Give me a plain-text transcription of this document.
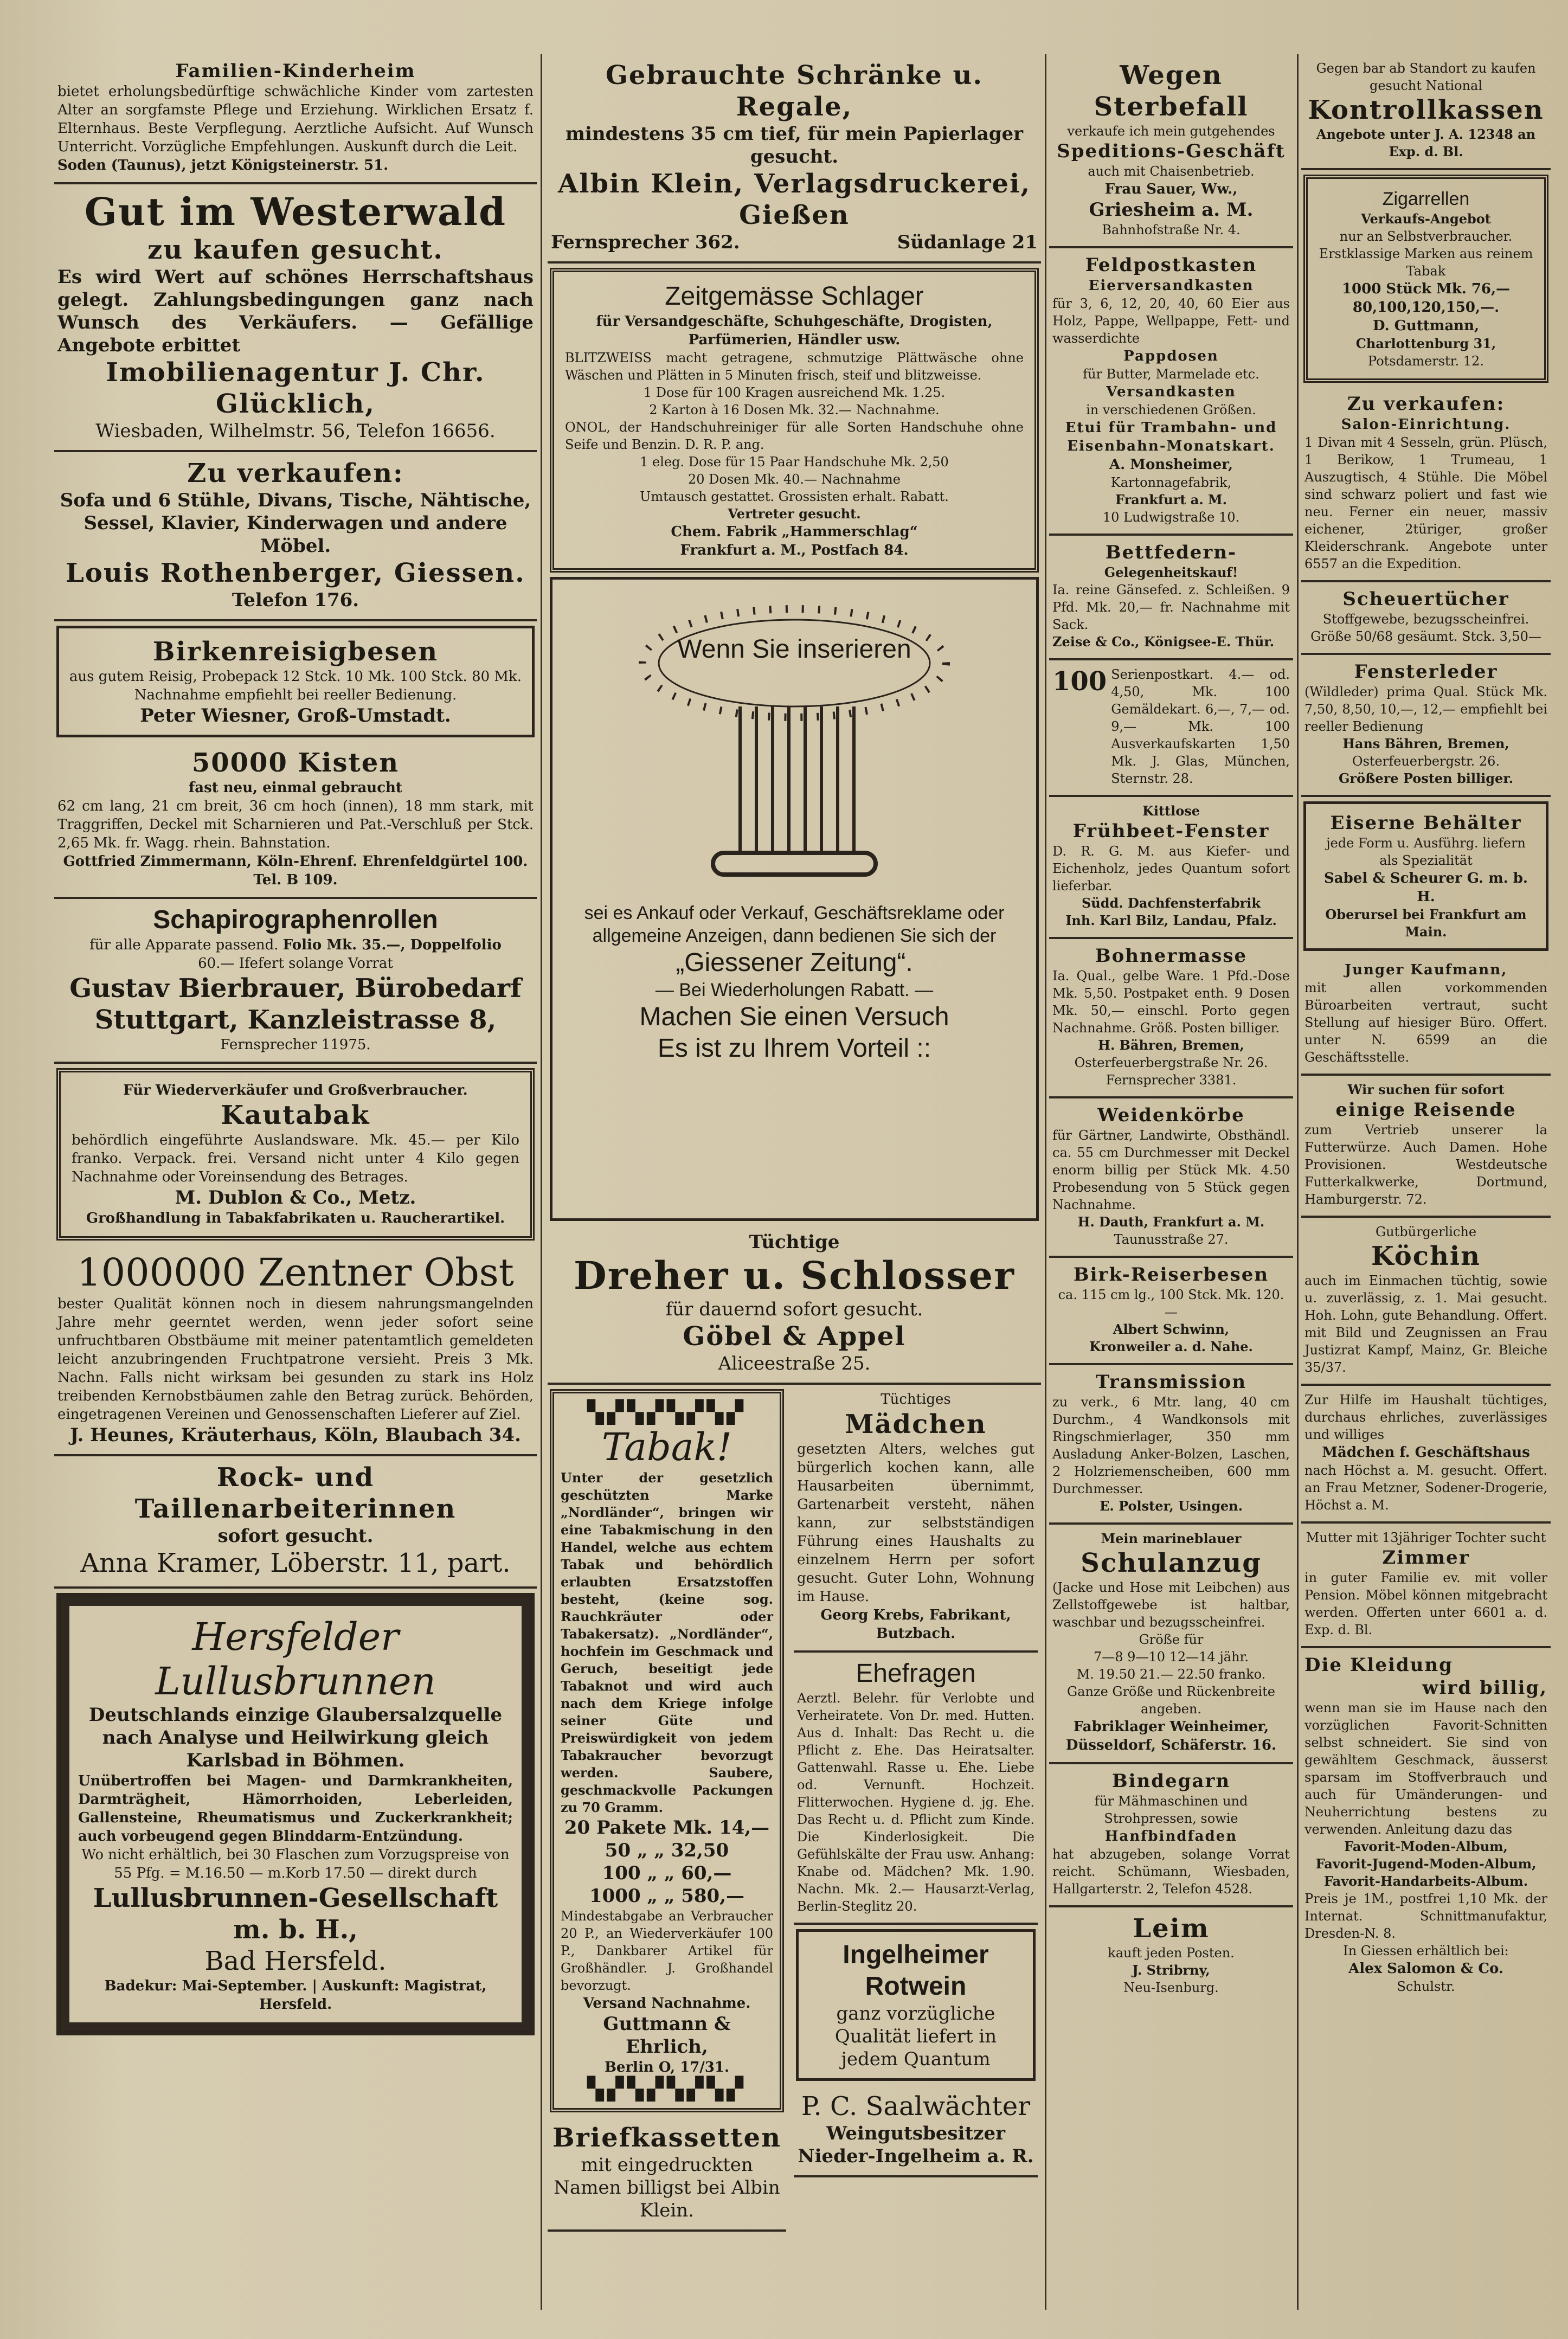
Familien-Kinderheim
bietet erholungsbedürftige schwächliche Kinder vom zartesten Alter an sorgfamste Pflege und Erziehung. Wirklichen Ersatz f. Elternhaus. Beste Verpflegung. Aerztliche Aufsicht. Auf Wunsch Unterricht. Vorzügliche Empfehlungen. Auskunft durch die Leit.
Soden (Taunus), jetzt Königsteinerstr. 51.
Gut im Westerwald
zu kaufen gesucht.
Es wird Wert auf schönes Herrschaftshaus gelegt. Zahlungsbedingungen ganz nach Wunsch des Verkäufers. — Gefällige Angebote erbittet
Imobilienagentur J. Chr. Glücklich,
Wiesbaden, Wilhelmstr. 56, Telefon 16656.
Zu verkaufen:
Sofa und 6 Stühle, Divans, Tische, Nähtische, Sessel, Klavier, Kinderwagen und andere Möbel.
Louis Rothenberger, Giessen.
Telefon 176.
Birkenreisigbesen
aus gutem Reisig, Probepack 12 Stck. 10 Mk. 100 Stck. 80 Mk. Nachnahme empfiehlt bei reeller Bedienung.
Peter Wiesner, Groß-Umstadt.
50000 Kisten
fast neu, einmal gebraucht
62 cm lang, 21 cm breit, 36 cm hoch (innen), 18 mm stark, mit Traggriffen, Deckel mit Scharnieren und Pat.-Verschluß per Stck. 2,65 Mk. fr. Wagg. rhein. Bahnstation.
Gottfried Zimmermann, Köln-Ehrenf. Ehrenfeldgürtel 100. Tel. B 109.
Schapirographenrollen
für alle Apparate passend. Folio Mk. 35.—, Doppelfolio
60.— Ifefert solange Vorrat
Gustav Bierbrauer, Bürobedarf
Stuttgart, Kanzleistrasse 8,
Fernsprecher 11975.
Für Wiederverkäufer und Großverbraucher.
Kautabak
behördlich eingeführte Auslandsware. Mk. 45.— per Kilo franko. Verpack. frei. Versand nicht unter 4 Kilo gegen Nachnahme oder Voreinsendung des Betrages.
M. Dublon & Co., Metz.
Großhandlung in Tabakfabrikaten u. Raucherartikel.
1000000 Zentner Obst
bester Qualität können noch in diesem nahrungsmangelnden Jahre mehr geerntet werden, wenn jeder sofort seine unfruchtbaren Obstbäume mit meiner patentamtlich gemeldeten leicht anzubringenden Fruchtpatrone versieht. Preis 3 Mk. Nachn. Falls nicht wirksam bei gesunden zu stark ins Holz treibenden Kernobstbäumen zahle den Betrag zurück. Behörden, eingetragenen Vereinen und Genossenschaften Lieferer auf Ziel.
J. Heunes, Kräuterhaus, Köln, Blaubach 34.
Rock- und Taillenarbeiterinnen
sofort gesucht.
Anna Kramer, Löberstr. 11, part.
Hersfelder Lullusbrunnen
Deutschlands einzige Glaubersalzquelle nach Analyse und Heilwirkung gleich Karlsbad in Böhmen.
Unübertroffen bei Magen- und Darmkrankheiten, Darmträgheit, Hämorrhoiden, Leberleiden, Gallensteine, Rheumatismus und Zuckerkrankheit; auch vorbeugend gegen Blinddarm-Entzündung.
Wo nicht erhältlich, bei 30 Flaschen zum Vorzugspreise von 55 Pfg. = M.16.50 — m.Korb 17.50 — direkt durch
Lullusbrunnen-Gesellschaft m. b. H.,
Bad Hersfeld.
Badekur: Mai-September. | Auskunft: Magistrat, Hersfeld.
Gebrauchte Schränke u. Regale,
mindestens 35 cm tief, für mein Papierlager gesucht.
Albin Klein, Verlagsdruckerei, Gießen
Fernsprecher 362.	Südanlage 21
Zeitgemässe Schlager
für Versandgeschäfte, Schuhgeschäfte, Drogisten, Parfümerien, Händler usw.
BLITZWEISS macht getragene, schmutzige Plättwäsche ohne Wäschen und Plätten in 5 Minuten frisch, steif und blitzweisse.
1 Dose für 100 Kragen ausreichend Mk. 1.25.
2 Karton à 16 Dosen Mk. 32.— Nachnahme.
ONOL, der Handschuhreiniger für alle Sorten Handschuhe ohne Seife und Benzin. D. R. P. ang.
1 eleg. Dose für 15 Paar Handschuhe Mk. 2,50
20 Dosen Mk. 40.— Nachnahme
Umtausch gestattet. Grossisten erhalt. Rabatt.
Vertreter gesucht.
Chem. Fabrik „Hammerschlag“
Frankfurt a. M., Postfach 84.
Wenn Sie inserieren
sei es Ankauf oder Verkauf, Geschäftsreklame oder allgemeine Anzeigen, dann bedienen Sie sich der
„Giessener Zeitung“.
— Bei Wiederholungen Rabatt. —
Machen Sie einen Versuch
Es ist zu Ihrem Vorteil ::
Tüchtige
Dreher u. Schlosser
für dauernd sofort gesucht.
Göbel & Appel
Aliceestraße 25.
▚▞▚▞▚▞▚▞
Tabak!
Unter der gesetzlich geschützten Marke „Nordländer“, bringen wir eine Tabakmischung in den Handel, welche aus echtem Tabak und behördlich erlaubten Ersatzstoffen besteht, (keine sog. Rauchkräuter oder Tabakersatz). „Nordländer“, hochfein im Geschmack und Geruch, beseitigt jede Tabaknot und wird auch nach dem Kriege infolge seiner Güte und Preiswürdigkeit von jedem Tabakraucher bevorzugt werden. Saubere, geschmackvolle Packungen zu 70 Gramm.
20 Pakete Mk. 14,—
50 „ „ 32,50
100 „ „ 60,—
1000 „ „ 580,—
Mindestabgabe an Verbraucher 20 P., an Wiederverkäufer 100 P., Dankbarer Artikel für Großhändler. J. Großhandel bevorzugt.
Versand Nachnahme.
Guttmann & Ehrlich,
Berlin O, 17/31.
▚▞▚▞▚▞▚▞
Briefkassetten
mit eingedruckten Namen billigst bei Albin Klein.
Tüchtiges
Mädchen
gesetzten Alters, welches gut bürgerlich kochen kann, alle Hausarbeiten übernimmt, Gartenarbeit versteht, nähen kann, zur selbstständigen Führung eines Haushalts zu einzelnem Herrn per sofort gesucht. Guter Lohn, Wohnung im Hause.
Georg Krebs, Fabrikant, Butzbach.
Ehefragen
Aerztl. Belehr. für Verlobte und Verheiratete. Von Dr. med. Hutten. Aus d. Inhalt: Das Recht u. die Pflicht z. Ehe. Das Heiratsalter. Gattenwahl. Rasse u. Ehe. Liebe od. Vernunft. Hochzeit. Flitterwochen. Hygiene d. jg. Ehe. Das Recht u. d. Pflicht zum Kinde. Die Kinderlosigkeit. Die Gefühlskälte der Frau usw. Anhang: Knabe od. Mädchen? Mk. 1.90. Nachn. Mk. 2.— Hausarzt-Verlag, Berlin-Steglitz 20.
Ingelheimer
Rotwein
ganz vorzügliche Qualität liefert in jedem Quantum
P. C. Saalwächter
Weingutsbesitzer
Nieder-Ingelheim a. R.
Wegen
Sterbefall
verkaufe ich mein gutgehendes
Speditions-Geschäft
auch mit Chaisenbetrieb.
Frau Sauer, Ww.,
Griesheim a. M.
Bahnhofstraße Nr. 4.
Feldpostkasten
Eierversandkasten
für 3, 6, 12, 20, 40, 60 Eier aus Holz, Pappe, Wellpappe, Fett- und wasserdichte
Pappdosen
für Butter, Marmelade etc.
Versandkasten
in verschiedenen Größen.
Etui für Trambahn- und Eisenbahn-Monatskart.
A. Monsheimer,
Kartonnagefabrik,
Frankfurt a. M.
10 Ludwigstraße 10.
Bettfedern-
Gelegenheitskauf!
Ia. reine Gänsefed. z. Schleißen. 9 Pfd. Mk. 20,— fr. Nachnahme mit Sack.
Zeise & Co., Königsee-E. Thür.
100 Serienpostkart. 4.— od. 4,50, Mk. 100 Gemäldekart. 6,—, 7,— od. 9,— Mk. 100 Ausverkaufskarten 1,50 Mk. J. Glas, München, Sternstr. 28.
Kittlose
Frühbeet-Fenster
D. R. G. M. aus Kiefer- und Eichenholz, jedes Quantum sofort lieferbar.
Südd. Dachfensterfabrik
Inh. Karl Bilz, Landau, Pfalz.
Bohnermasse
Ia. Qual., gelbe Ware. 1 Pfd.-Dose Mk. 5,50. Postpaket enth. 9 Dosen Mk. 50,— einschl. Porto gegen Nachnahme. Größ. Posten billiger.
H. Bähren, Bremen,
Osterfeuerbergstraße Nr. 26.
Fernsprecher 3381.
Weidenkörbe
für Gärtner, Landwirte, Obsthändl. ca. 55 cm Durchmesser mit Deckel enorm billig per Stück Mk. 4.50 Probesendung von 5 Stück gegen Nachnahme.
H. Dauth, Frankfurt a. M.
Taunusstraße 27.
Birk-Reiserbesen
ca. 115 cm lg., 100 Stck. Mk. 120.—
Albert Schwinn,
Kronweiler a. d. Nahe.
Transmission
zu verk., 6 Mtr. lang, 40 cm Durchm., 4 Wandkonsols mit Ringschmierlager, 350 mm Ausladung Anker-Bolzen, Laschen, 2 Holzriemenscheiben, 600 mm Durchmesser.
E. Polster, Usingen.
Mein marineblauer
Schulanzug
(Jacke und Hose mit Leibchen) aus Zellstoffgewebe ist haltbar, waschbar und bezugsscheinfrei.
Größe für
7—8 9—10 12—14 jähr.
M. 19.50 21.— 22.50 franko.
Ganze Größe und Rückenbreite angeben.
Fabriklager Weinheimer,
Düsseldorf, Schäferstr. 16.
Bindegarn
für Mähmaschinen und Strohpressen, sowie
Hanfbindfaden
hat abzugeben, solange Vorrat reicht. Schümann, Wiesbaden, Hallgarterstr. 2, Telefon 4528.
Leim
kauft jeden Posten.
J. Stribrny,
Neu-Isenburg.
Gegen bar ab Standort zu kaufen gesucht National
Kontrollkassen
Angebote unter J. A. 12348 an Exp. d. Bl.
Zigarrellen
Verkaufs-Angebot
nur an Selbstverbraucher. Erstklassige Marken aus reinem Tabak
1000 Stück Mk. 76,—
80,100,120,150,—.
D. Guttmann,
Charlottenburg 31,
Potsdamerstr. 12.
Zu verkaufen:
Salon-Einrichtung.
1 Divan mit 4 Sesseln, grün. Plüsch, 1 Berikow, 1 Trumeau, 1 Auszugtisch, 4 Stühle. Die Möbel sind schwarz poliert und fast wie neu. Ferner ein neuer, massiv eichener, 2türiger, großer Kleiderschrank. Angebote unter 6557 an die Expedition.
Scheuertücher
Stoffgewebe, bezugsscheinfrei. Größe 50/68 gesäumt. Stck. 3,50—
Fensterleder
(Wildleder) prima Qual. Stück Mk. 7,50, 8,50, 10,—, 12,— empfiehlt bei reeller Bedienung
Hans Bähren, Bremen,
Osterfeuerbergstr. 26.
Größere Posten billiger.
Eiserne Behälter
jede Form u. Ausführg. liefern als Spezialität
Sabel & Scheurer G. m. b. H.
Oberursel bei Frankfurt am Main.
Junger Kaufmann,
mit allen vorkommenden Büroarbeiten vertraut, sucht Stellung auf hiesiger Büro. Offert. unter N. 6599 an die Geschäftsstelle.
Wir suchen für sofort
einige Reisende
zum Vertrieb unserer la Futterwürze. Auch Damen. Hohe Provisionen. Westdeutsche Futterkalkwerke, Dortmund, Hamburgerstr. 72.
Gutbürgerliche
Köchin
auch im Einmachen tüchtig, sowie u. zuverlässig, z. 1. Mai gesucht. Hoh. Lohn, gute Behandlung. Offert. mit Bild und Zeugnissen an Frau Justizrat Kampf, Mainz, Gr. Bleiche 35/37.
Zur Hilfe im Haushalt tüchtiges, durchaus ehrliches, zuverlässiges und williges
Mädchen f. Geschäftshaus
nach Höchst a. M. gesucht. Offert. an Frau Metzner, Sodener-Drogerie, Höchst a. M.
Mutter mit 13jähriger Tochter sucht
Zimmer
in guter Familie ev. mit voller Pension. Möbel können mitgebracht werden. Offerten unter 6601 a. d. Exp. d. Bl.
Die Kleidung
wird billig,
wenn man sie im Hause nach den vorzüglichen Favorit-Schnitten selbst schneidert. Sie sind von gewähltem Geschmack, äusserst sparsam im Stoffverbrauch und auch für Umänderungen- und Neuherrichtung bestens zu verwenden. Anleitung dazu das
Favorit-Moden-Album,
Favorit-Jugend-Moden-Album,
Favorit-Handarbeits-Album.
Preis je 1M., postfrei 1,10 Mk. der Internat. Schnittmanufaktur, Dresden-N. 8.
In Giessen erhältlich bei:
Alex Salomon & Co.
Schulstr.
